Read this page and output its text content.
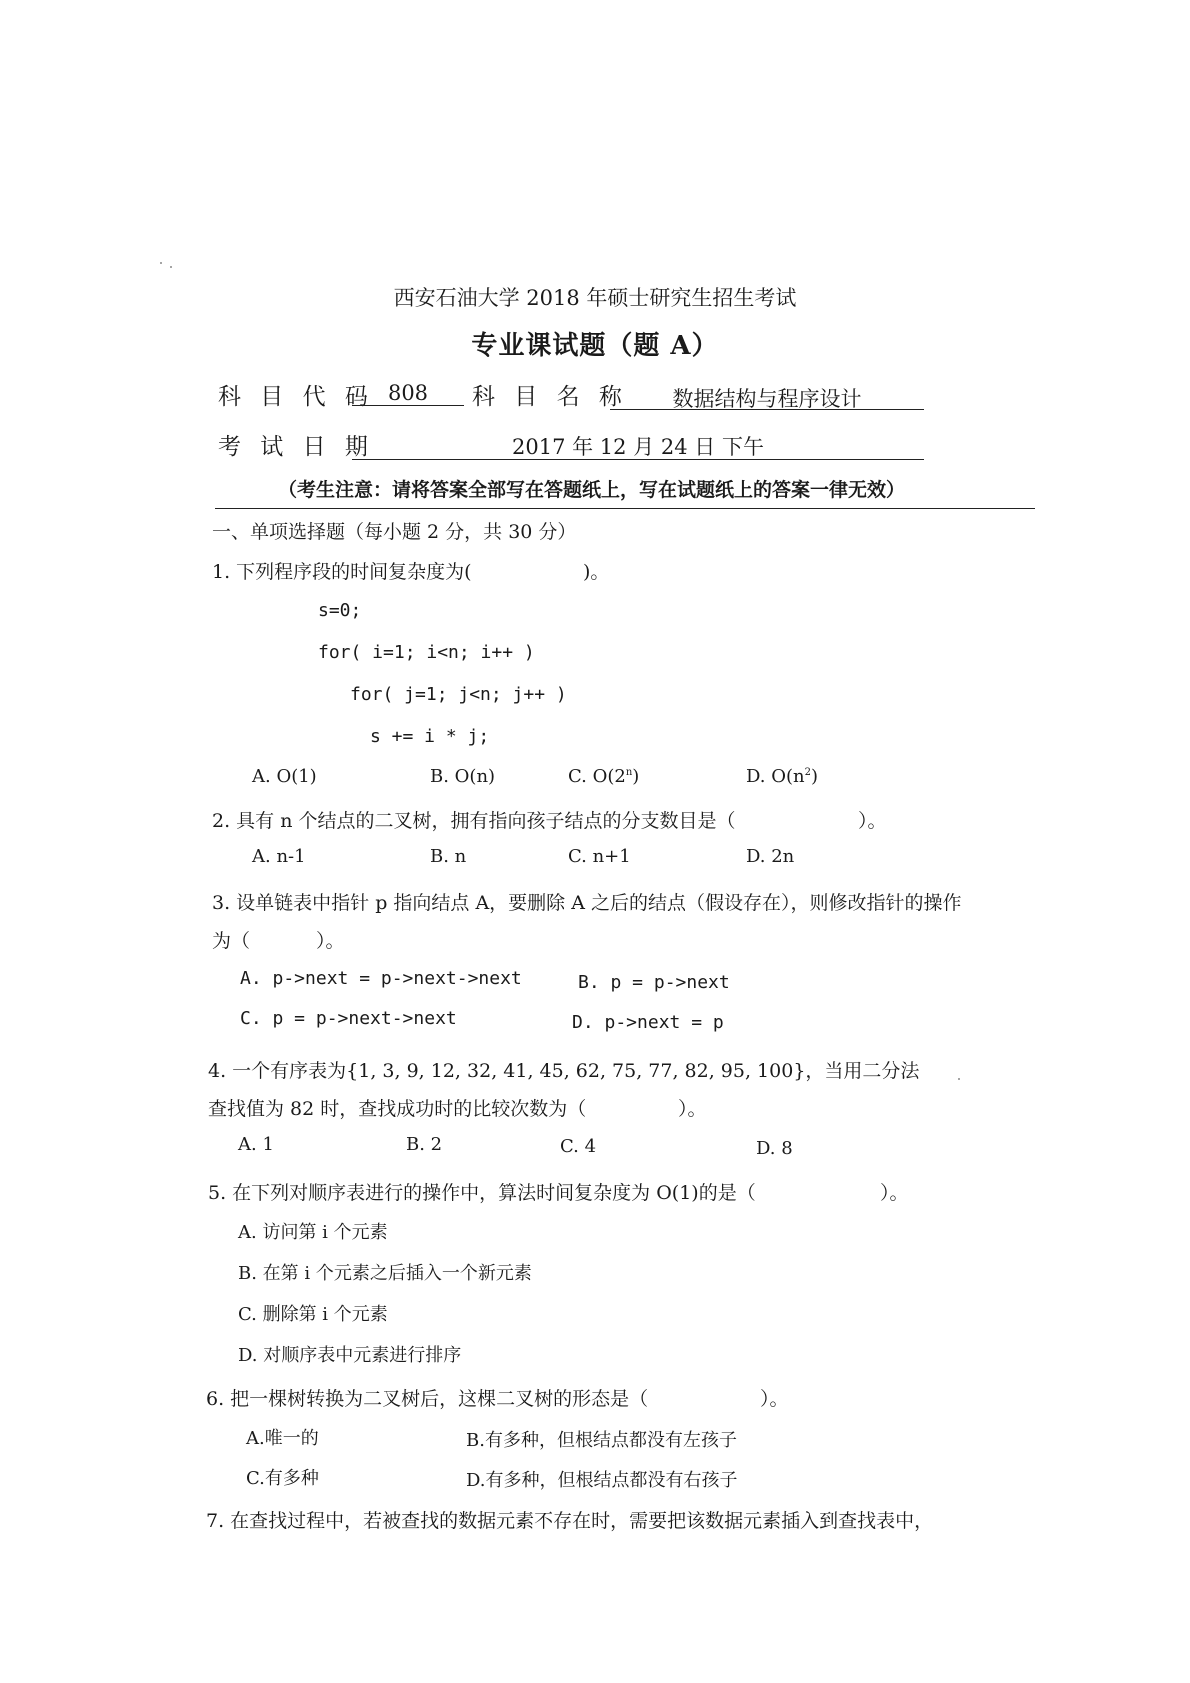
西安石油大学 2018 年硕士研究生招生考试
专业课试题（题 A）
科 目 代 码 808	科 目 名 称	数据结构与程序设计
考 试 日 期	2017 年 12 月 24 日 下午
（考生注意：请将答案全部写在答题纸上，写在试题纸上的答案一律无效）
一、单项选择题（每小题 2 分，共 30 分）
1. 下列程序段的时间复杂度为(	)。
s=0;
for( i=1; i<n; i++ )
for( j=1; j<n; j++ )
s += i * j;
A. O(1)	B. O(n)	C. O(2$^n$)	D. $O(n^2)$
2. 具有 n 个结点的二叉树，拥有指向孩子结点的分支数目是（	）。
A. n-1	B. n	C. n+1	D. 2n
3. 设单链表中指针 p 指向结点 A，要删除 A 之后的结点（假设存在），则修改指针的操作
为（	）。
A. p->next = p->next->next	B. p = p->next
C. p = p->next->next	D. p->next = p
4. 一个有序表为{1, 3, 9, 12, 32, 41, 45, 62, 75, 77, 82, 95, 100}，当用二分法
查找值为 82 时，查找成功时的比较次数为（	）。
A. 1	B. 2	C. 4	D. 8
5. 在下列对顺序表进行的操作中，算法时间复杂度为 O(1)的是（	）。
A. 访问第 i 个元素
B. 在第 i 个元素之后插入一个新元素
C. 删除第 i 个元素
D. 对顺序表中元素进行排序
6. 把一棵树转换为二叉树后，这棵二叉树的形态是（	）。
A.唯一的	B.有多种，但根结点都没有左孩子
C.有多种	D.有多种，但根结点都没有右孩子
7. 在查找过程中，若被查找的数据元素不存在时，需要把该数据元素插入到查找表中，
